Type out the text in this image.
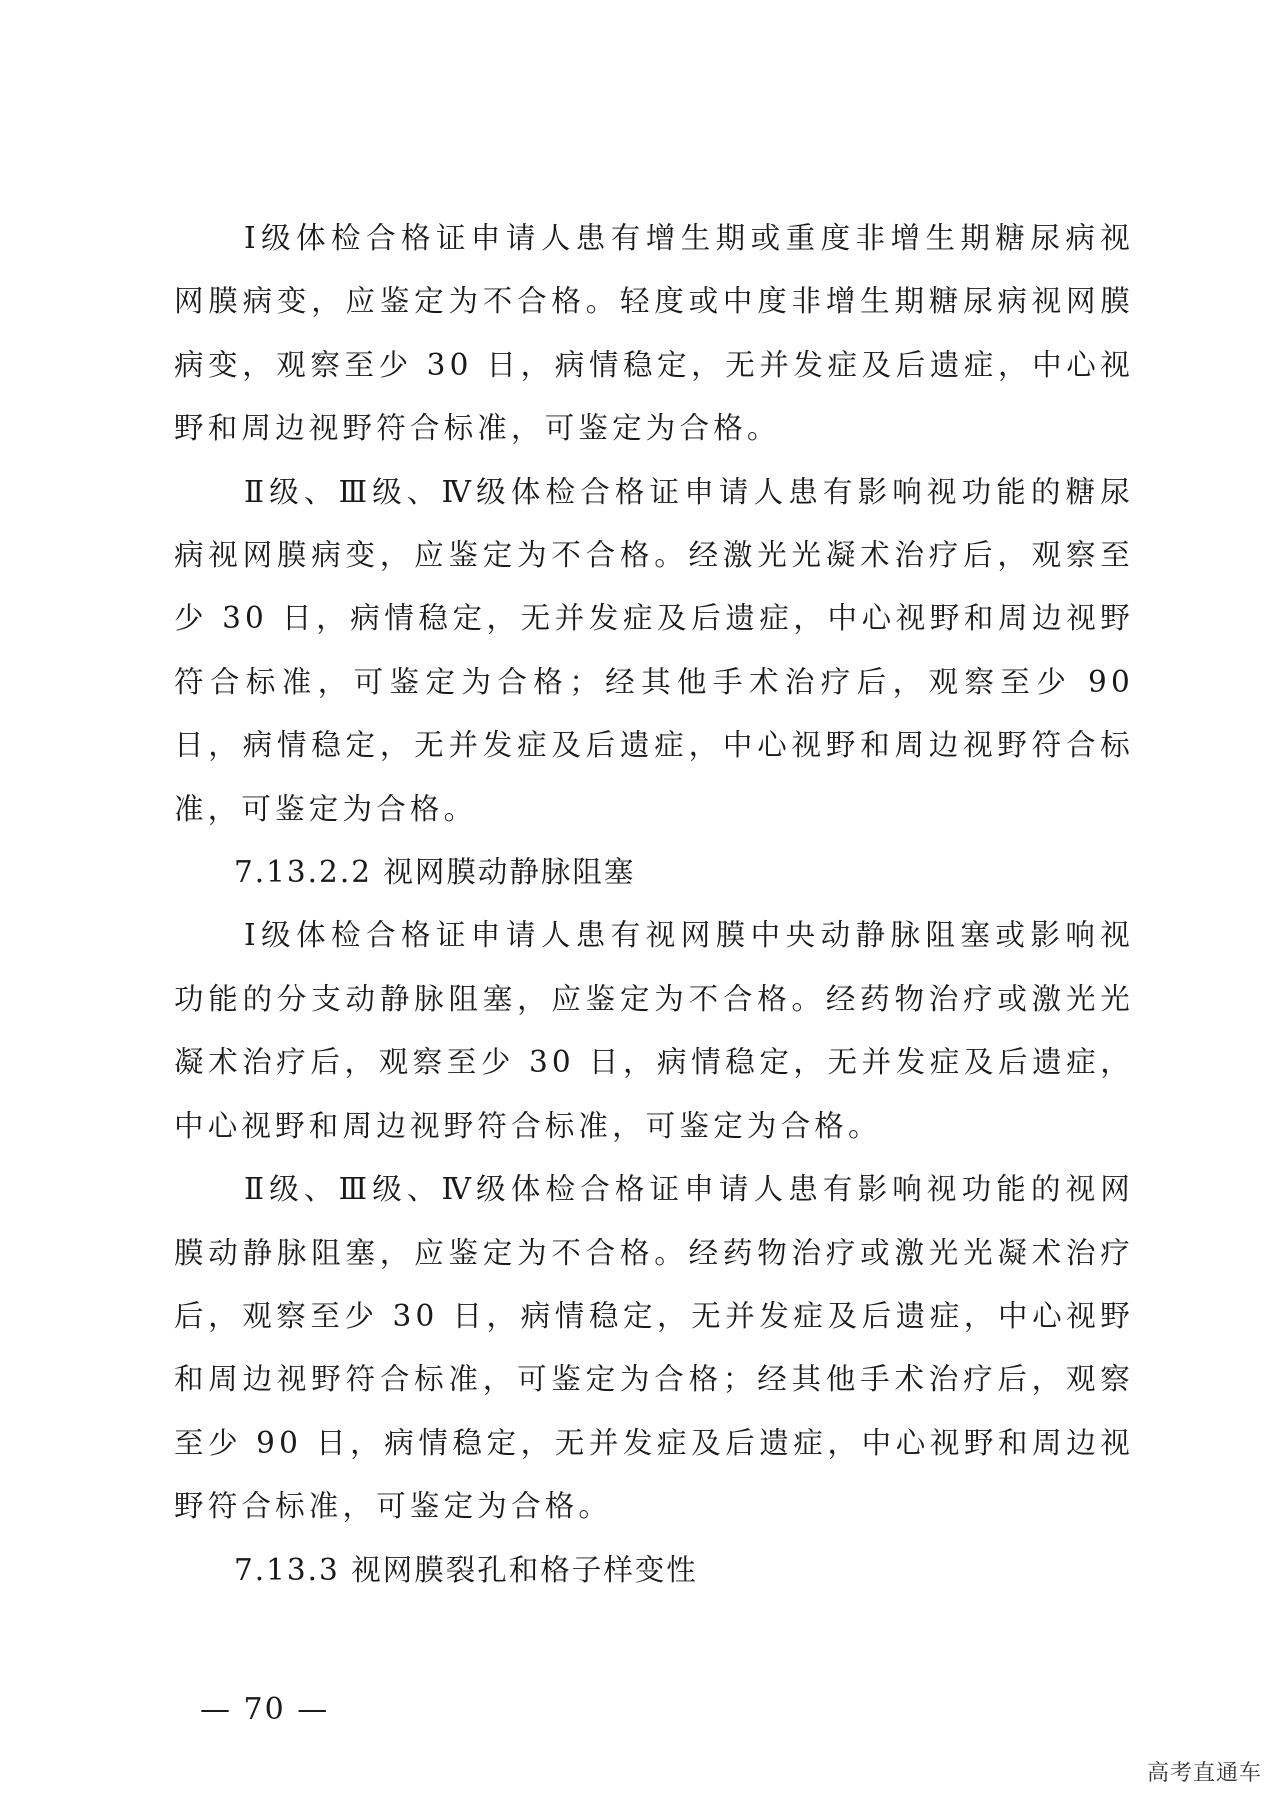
Ⅰ级体检合格证申请人患有增生期或重度非增生期糖尿病视网膜病变，应鉴定为不合格。轻度或中度非增生期糖尿病视网膜病变，观察至少 30 日，病情稳定，无并发症及后遗症，中心视野和周边视野符合标准，可鉴定为合格。

Ⅱ级、Ⅲ级、Ⅳ级体检合格证申请人患有影响视功能的糖尿病视网膜病变，应鉴定为不合格。经激光光凝术治疗后，观察至少 30 日，病情稳定，无并发症及后遗症，中心视野和周边视野符合标准，可鉴定为合格；经其他手术治疗后，观察至少 90 日，病情稳定，无并发症及后遗症，中心视野和周边视野符合标准，可鉴定为合格。

7.13.2.2 视网膜动静脉阻塞

Ⅰ级体检合格证申请人患有视网膜中央动静脉阻塞或影响视功能的分支动静脉阻塞，应鉴定为不合格。经药物治疗或激光光凝术治疗后，观察至少 30 日，病情稳定，无并发症及后遗症，中心视野和周边视野符合标准，可鉴定为合格。

Ⅱ级、Ⅲ级、Ⅳ级体检合格证申请人患有影响视功能的视网膜动静脉阻塞，应鉴定为不合格。经药物治疗或激光光凝术治疗后，观察至少 30 日，病情稳定，无并发症及后遗症，中心视野和周边视野符合标准，可鉴定为合格；经其他手术治疗后，观察至少 90 日，病情稳定，无并发症及后遗症，中心视野和周边视野符合标准，可鉴定为合格。

7.13.3 视网膜裂孔和格子样变性

— 70 —
高考直通车
